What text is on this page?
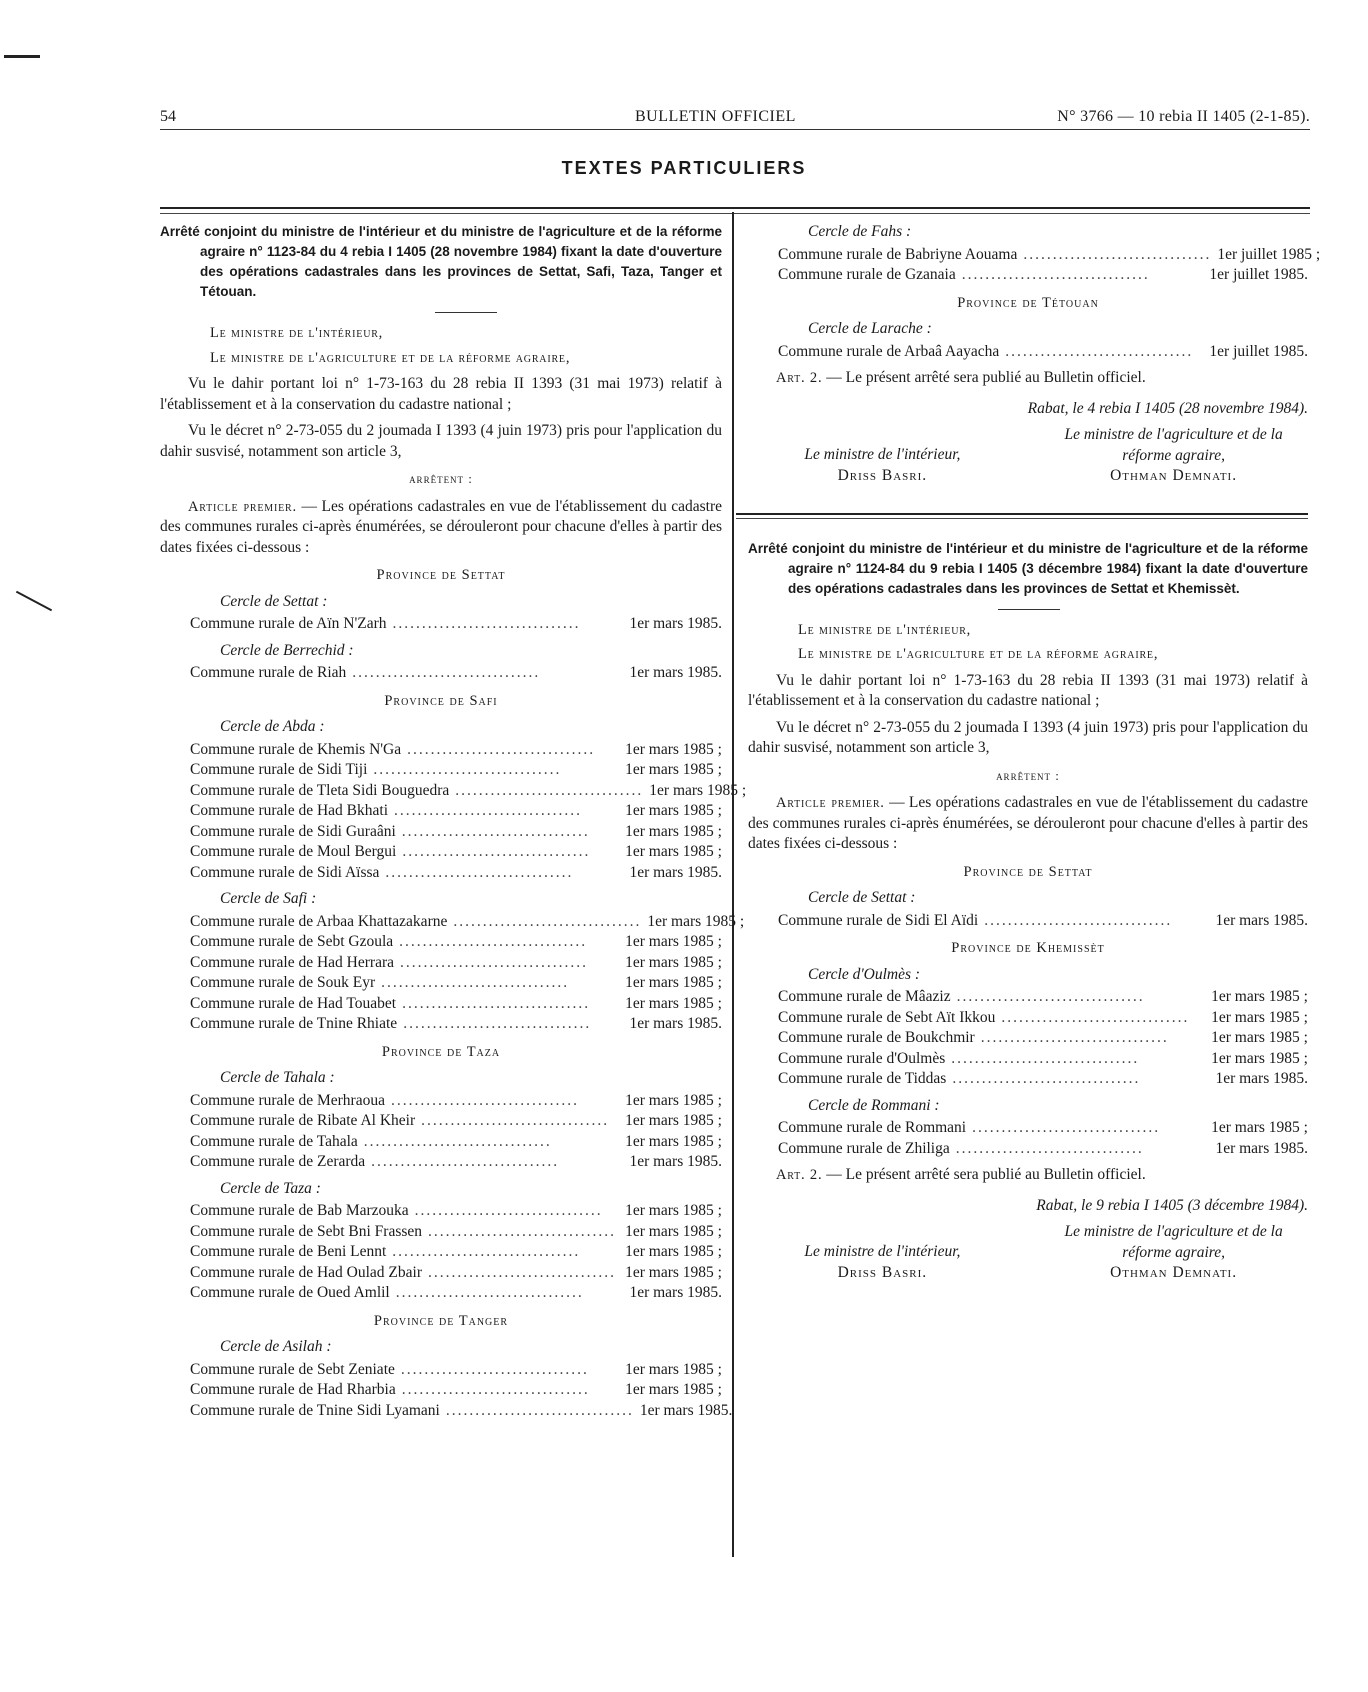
54	BULLETIN OFFICIEL	N° 3766 — 10 rebia II 1405 (2-1-85).
TEXTES PARTICULIERS
Arrêté conjoint du ministre de l'intérieur et du ministre de l'agriculture et de la réforme agraire n° 1123-84 du 4 rebia I 1405 (28 novembre 1984) fixant la date d'ouverture des opérations cadastrales dans les provinces de Settat, Safi, Taza, Tanger et Tétouan.
Le ministre de l'intérieur,
Le ministre de l'agriculture et de la réforme agraire,
Vu le dahir portant loi n° 1-73-163 du 28 rebia II 1393 (31 mai 1973) relatif à l'établissement et à la conservation du cadastre national ;
Vu le décret n° 2-73-055 du 2 joumada I 1393 (4 juin 1973) pris pour l'application du dahir susvisé, notamment son article 3,
arrêtent :
Article premier. — Les opérations cadastrales en vue de l'établissement du cadastre des communes rurales ci-après énumérées, se dérouleront pour chacune d'elles à partir des dates fixées ci-dessous :
Province de Settat
Cercle de Settat :
Commune rurale de Aïn N'Zarh ................................	1er mars 1985.
Cercle de Berrechid :
Commune rurale de Riah ................................	1er mars 1985.
Province de Safi
Cercle de Abda :
Commune rurale de Khemis N'Ga ................................	1er mars 1985 ;
Commune rurale de Sidi Tiji ................................	1er mars 1985 ;
Commune rurale de Tleta Sidi Bouguedra ................................ 1er mars 1985 ;
Commune rurale de Had Bkhati ................................	1er mars 1985 ;
Commune rurale de Sidi Guraâni ................................	1er mars 1985 ;
Commune rurale de Moul Bergui ................................	1er mars 1985 ;
Commune rurale de Sidi Aïssa ................................	1er mars 1985.
Cercle de Safi :
Commune rurale de Arbaa Khattazakarne ................................ 1er mars 1985 ;
Commune rurale de Sebt Gzoula ................................	1er mars 1985 ;
Commune rurale de Had Herrara ................................	1er mars 1985 ;
Commune rurale de Souk Eyr ................................	1er mars 1985 ;
Commune rurale de Had Touabet ................................	1er mars 1985 ;
Commune rurale de Tnine Rhiate ................................	1er mars 1985.
Province de Taza
Cercle de Tahala :
Commune rurale de Merhraoua ................................	1er mars 1985 ;
Commune rurale de Ribate Al Kheir ................................	1er mars 1985 ;
Commune rurale de Tahala ................................	1er mars 1985 ;
Commune rurale de Zerarda ................................	1er mars 1985.
Cercle de Taza :
Commune rurale de Bab Marzouka ................................	1er mars 1985 ;
Commune rurale de Sebt Bni Frassen ................................ 1er mars 1985 ;
Commune rurale de Beni Lennt ................................	1er mars 1985 ;
Commune rurale de Had Oulad Zbair ................................ 1er mars 1985 ;
Commune rurale de Oued Amlil ................................	1er mars 1985.
Province de Tanger
Cercle de Asilah :
Commune rurale de Sebt Zeniate ................................	1er mars 1985 ;
Commune rurale de Had Rharbia ................................	1er mars 1985 ;
Commune rurale de Tnine Sidi Lyamani ................................ 1er mars 1985.
Cercle de Fahs :
Commune rurale de Babriyne Aouama ................................ 1er juillet 1985 ;
Commune rurale de Gzanaia ................................	1er juillet 1985.
Province de Tétouan
Cercle de Larache :
Commune rurale de Arbaâ Aayacha ................................	1er juillet 1985.
Art. 2. — Le présent arrêté sera publié au Bulletin officiel.
Rabat, le 4 rebia I 1405 (28 novembre 1984).
Le ministre de l'intérieur,
Le ministre de l'agriculture et de la réforme agraire,
Driss Basri.	Othman Demnati.
Arrêté conjoint du ministre de l'intérieur et du ministre de l'agriculture et de la réforme agraire n° 1124-84 du 9 rebia I 1405 (3 décembre 1984) fixant la date d'ouverture des opérations cadastrales dans les provinces de Settat et Khemissèt.
Le ministre de l'intérieur,
Le ministre de l'agriculture et de la réforme agraire,
Vu le dahir portant loi n° 1-73-163 du 28 rebia II 1393 (31 mai 1973) relatif à l'établissement et à la conservation du cadastre national ;
Vu le décret n° 2-73-055 du 2 joumada I 1393 (4 juin 1973) pris pour l'application du dahir susvisé, notamment son article 3,
arrêtent :
Article premier. — Les opérations cadastrales en vue de l'établissement du cadastre des communes rurales ci-après énumérées, se dérouleront pour chacune d'elles à partir des dates fixées ci-dessous :
Province de Settat
Cercle de Settat :
Commune rurale de Sidi El Aïdi ................................	1er mars 1985.
Province de Khemissèt
Cercle d'Oulmès :
Commune rurale de Mâaziz ................................	1er mars 1985 ;
Commune rurale de Sebt Aït Ikkou ................................	1er mars 1985 ;
Commune rurale de Boukchmir ................................	1er mars 1985 ;
Commune rurale d'Oulmès ................................	1er mars 1985 ;
Commune rurale de Tiddas ................................	1er mars 1985.
Cercle de Rommani :
Commune rurale de Rommani ................................	1er mars 1985 ;
Commune rurale de Zhiliga ................................	1er mars 1985.
Art. 2. — Le présent arrêté sera publié au Bulletin officiel.
Rabat, le 9 rebia I 1405 (3 décembre 1984).
Le ministre de l'intérieur,
Le ministre de l'agriculture et de la réforme agraire,
Driss Basri.	Othman Demnati.
